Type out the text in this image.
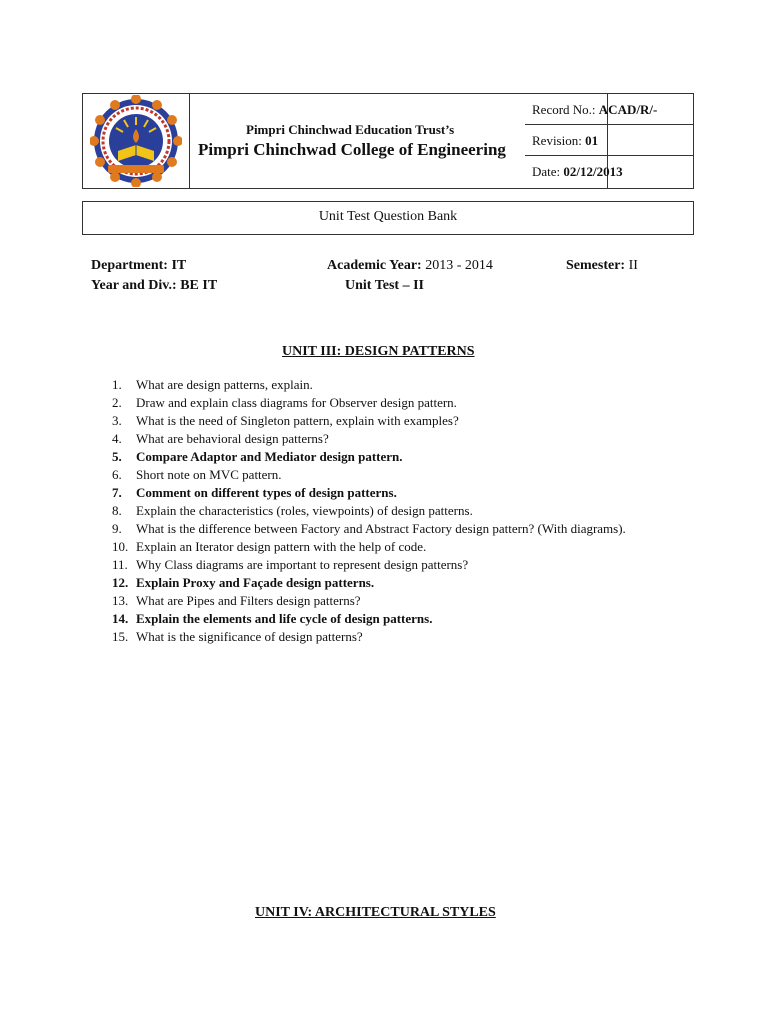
Record No.: ACAD/R/-
Revision: 01
Date: 02/12/2013
Pimpri Chinchwad Education Trust’s
Pimpri Chinchwad College of Engineering
Unit Test Question Bank
Department: IT	Academic Year: 2013 - 2014	Semester: II
Year and Div.: BE IT	Unit Test – II
UNIT III: DESIGN PATTERNS
1. What are design patterns, explain.
2. Draw and explain class diagrams for Observer design pattern.
3. What is the need of Singleton pattern, explain with examples?
4. What are behavioral design patterns?
5. Compare Adaptor and Mediator design pattern.
6. Short note on MVC pattern.
7. Comment on different types of design patterns.
8. Explain the characteristics (roles, viewpoints) of design patterns.
9. What is the difference between Factory and Abstract Factory design pattern? (With diagrams).
10. Explain an Iterator design pattern with the help of code.
11. Why Class diagrams are important to represent design patterns?
12. Explain Proxy and Façade design patterns.
13. What are Pipes and Filters design patterns?
14. Explain the elements and life cycle of design patterns.
15. What is the significance of design patterns?
UNIT IV: ARCHITECTURAL STYLES
